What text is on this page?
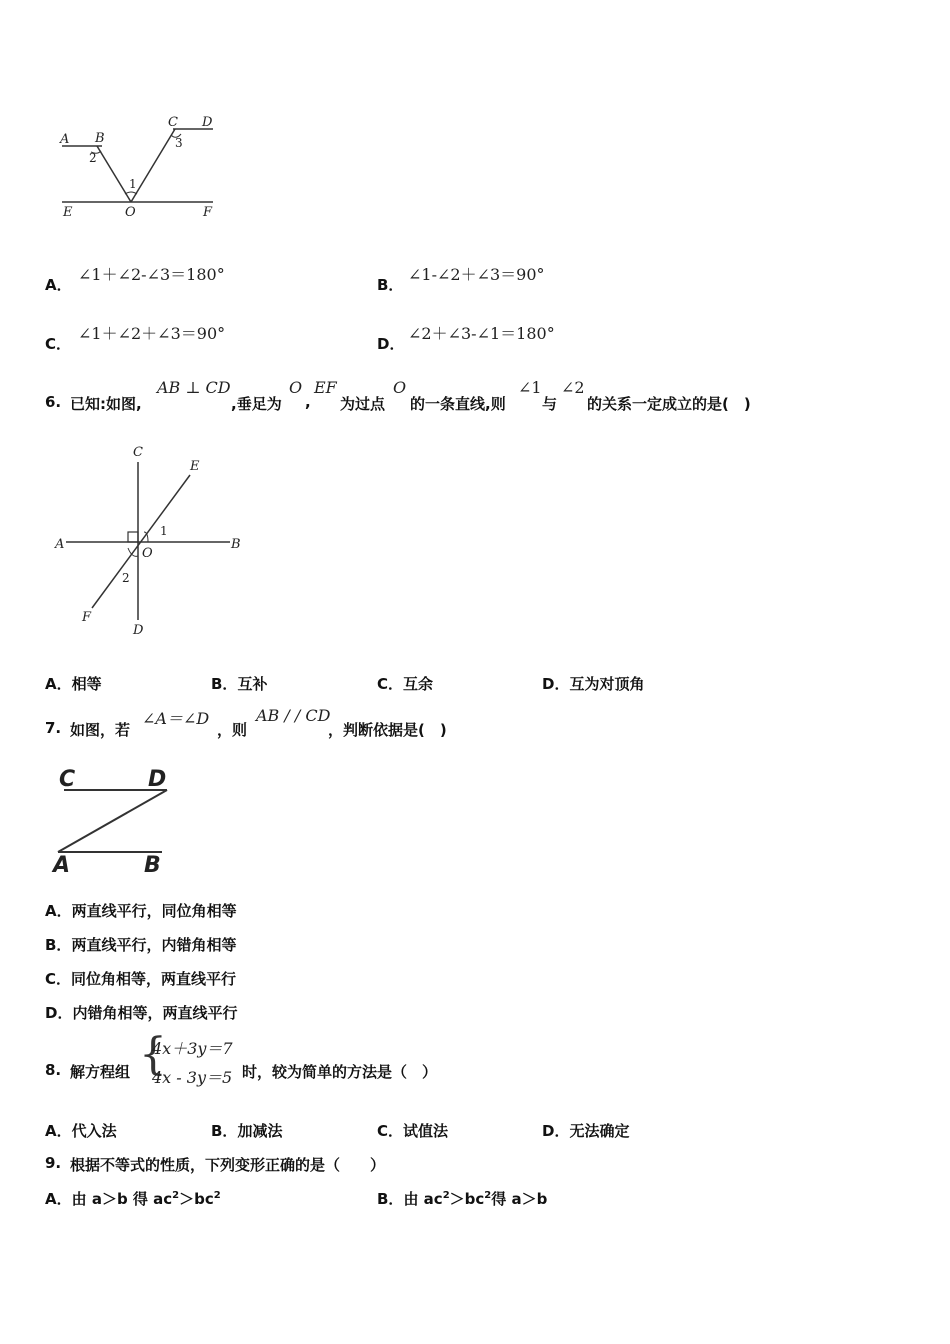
A B
C D
E	O	F
1
2
3
A．
∠1＋∠2-∠3＝180°
B．
∠1-∠2＋∠3＝90°
C．
∠1＋∠2＋∠3＝90°
D．
∠2＋∠3-∠1＝180°
6. 已知:如图,
AB ⊥ CD
,垂足为
O
,
EF
为过点
O
的一条直线,则
∠1
与
∠2
的关系一定成立的是(　)
C
E
A	B
O
1
2
F
D
A．相等	B．互补	C．互余	D．互为对顶角
7. 如图，若
∠A＝∠D
，则
AB / / CD
，判断依据是(　)
C	D
A	B
A．两直线平行，同位角相等
B．两直线平行，内错角相等
C．同位角相等，两直线平行
D．内错角相等，两直线平行
8. 解方程组 {
4x＋3y＝7
4x - 3y＝5 时，较为简单的方法是（　）
A．代入法	B．加减法	C．试值法	D．无法确定
9. 根据不等式的性质，下列变形正确的是（　　）
A．由 a＞b 得 $ac^2>bc^2$	B．由 $ac^2>bc^2$得 a＞b
